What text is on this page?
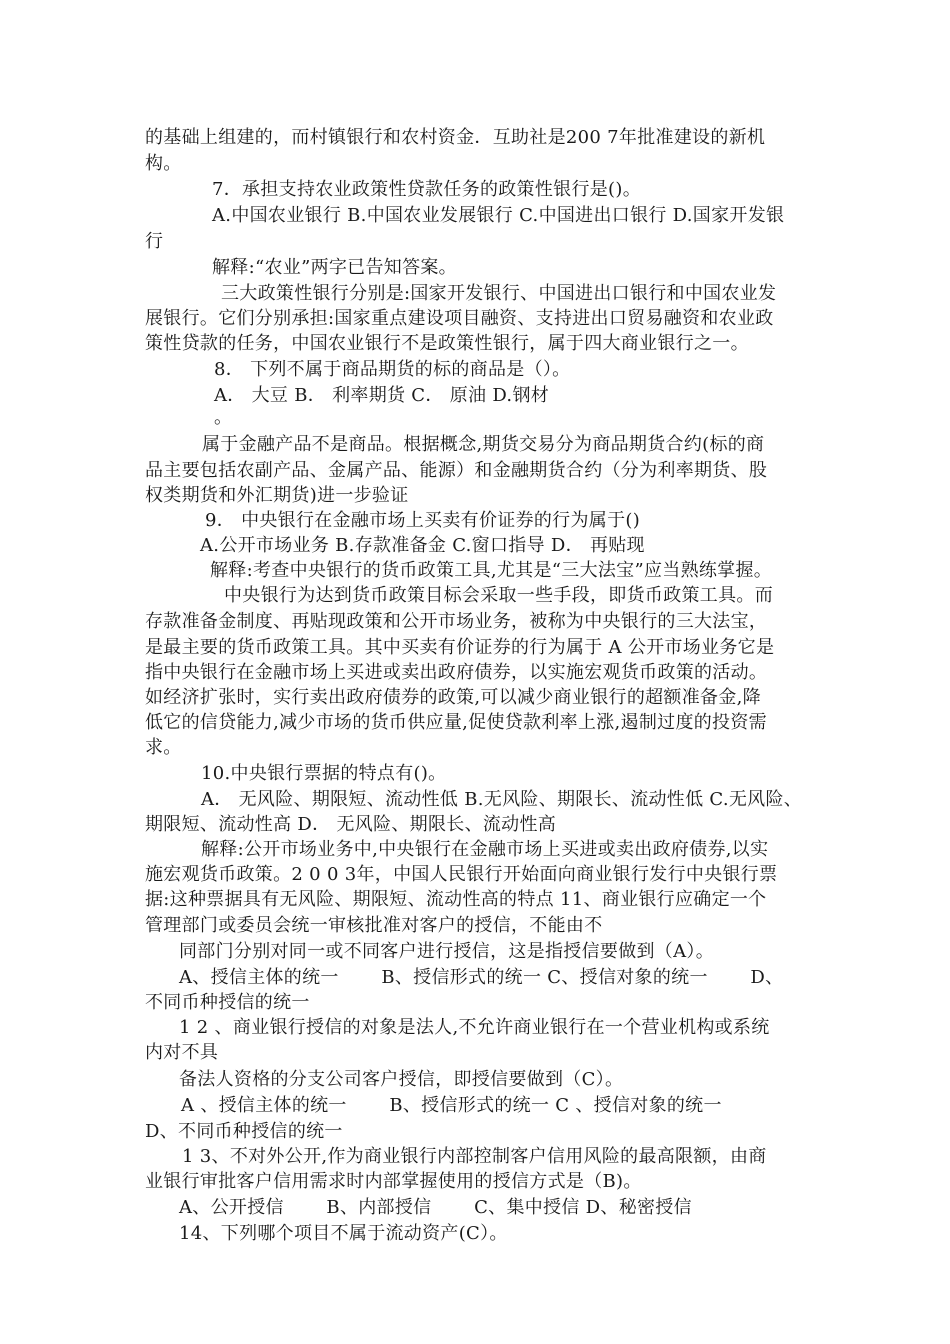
的基础上组建的，而村镇银行和农村资金．互助社是200 7年批准建设的新机
构。
7．承担支持农业政策性贷款任务的政策性银行是()。
A.中国农业银行 B.中国农业发展银行 C.中国进出口银行 D.国家开发银
行
解释:“农业”两字已告知答案。
三大政策性银行分别是:国家开发银行、中国进出口银行和中国农业发
展银行。它们分别承担:国家重点建设项目融资、支持进出口贸易融资和农业政
策性贷款的任务，中国农业银行不是政策性银行，属于四大商业银行之一。
8． 下列不属于商品期货的标的商品是（）。
A． 大豆 B． 利率期货 C． 原油 D.钢材
。
属于金融产品不是商品。根据概念,期货交易分为商品期货合约(标的商
品主要包括农副产品、金属产品、能源）和金融期货合约（分为利率期货、股
权类期货和外汇期货)进一步验证
9． 中央银行在金融市场上买卖有价证券的行为属于()
A.公开市场业务 B.存款准备金 C.窗口指导 D． 再贴现
解释:考查中央银行的货币政策工具,尤其是“三大法宝”应当熟练掌握。
中央银行为达到货币政策目标会采取一些手段，即货币政策工具。而
存款准备金制度、再贴现政策和公开市场业务，被称为中央银行的三大法宝，
是最主要的货币政策工具。其中买卖有价证券的行为属于 A 公开市场业务它是
指中央银行在金融市场上买进或卖出政府债券，以实施宏观货币政策的活动。
如经济扩张时，实行卖出政府债券的政策,可以减少商业银行的超额准备金,降
低它的信贷能力,减少市场的货币供应量,促使贷款利率上涨,遏制过度的投资需
求。
10.中央银行票据的特点有()。
A． 无风险、期限短、流动性低 B.无风险、期限长、流动性低 C.无风险、
期限短、流动性高 D． 无风险、期限长、流动性高
解释:公开市场业务中,中央银行在金融市场上买进或卖出政府债券,以实
施宏观货币政策。2 0 0 3年，中国人民银行开始面向商业银行发行中央银行票
据:这种票据具有无风险、期限短、流动性高的特点 11、商业银行应确定一个
管理部门或委员会统一审核批准对客户的授信，不能由不
同部门分别对同一或不同客户进行授信，这是指授信要做到（A）。
A、授信主体的统一　　 B、授信形式的统一 C、授信对象的统一　　 D、
不同币种授信的统一
1 2 、商业银行授信的对象是法人,不允许商业银行在一个营业机构或系统
内对不具
备法人资格的分支公司客户授信，即授信要做到（C）。
A 、授信主体的统一　　 B、授信形式的统一 C 、授信对象的统一
D、不同币种授信的统一
1 3、不对外公开,作为商业银行内部控制客户信用风险的最高限额，由商
业银行审批客户信用需求时内部掌握使用的授信方式是（B)。
A、公开授信　　 B、内部授信　　 C、集中授信 D、秘密授信
14、下列哪个项目不属于流动资产(C）。
